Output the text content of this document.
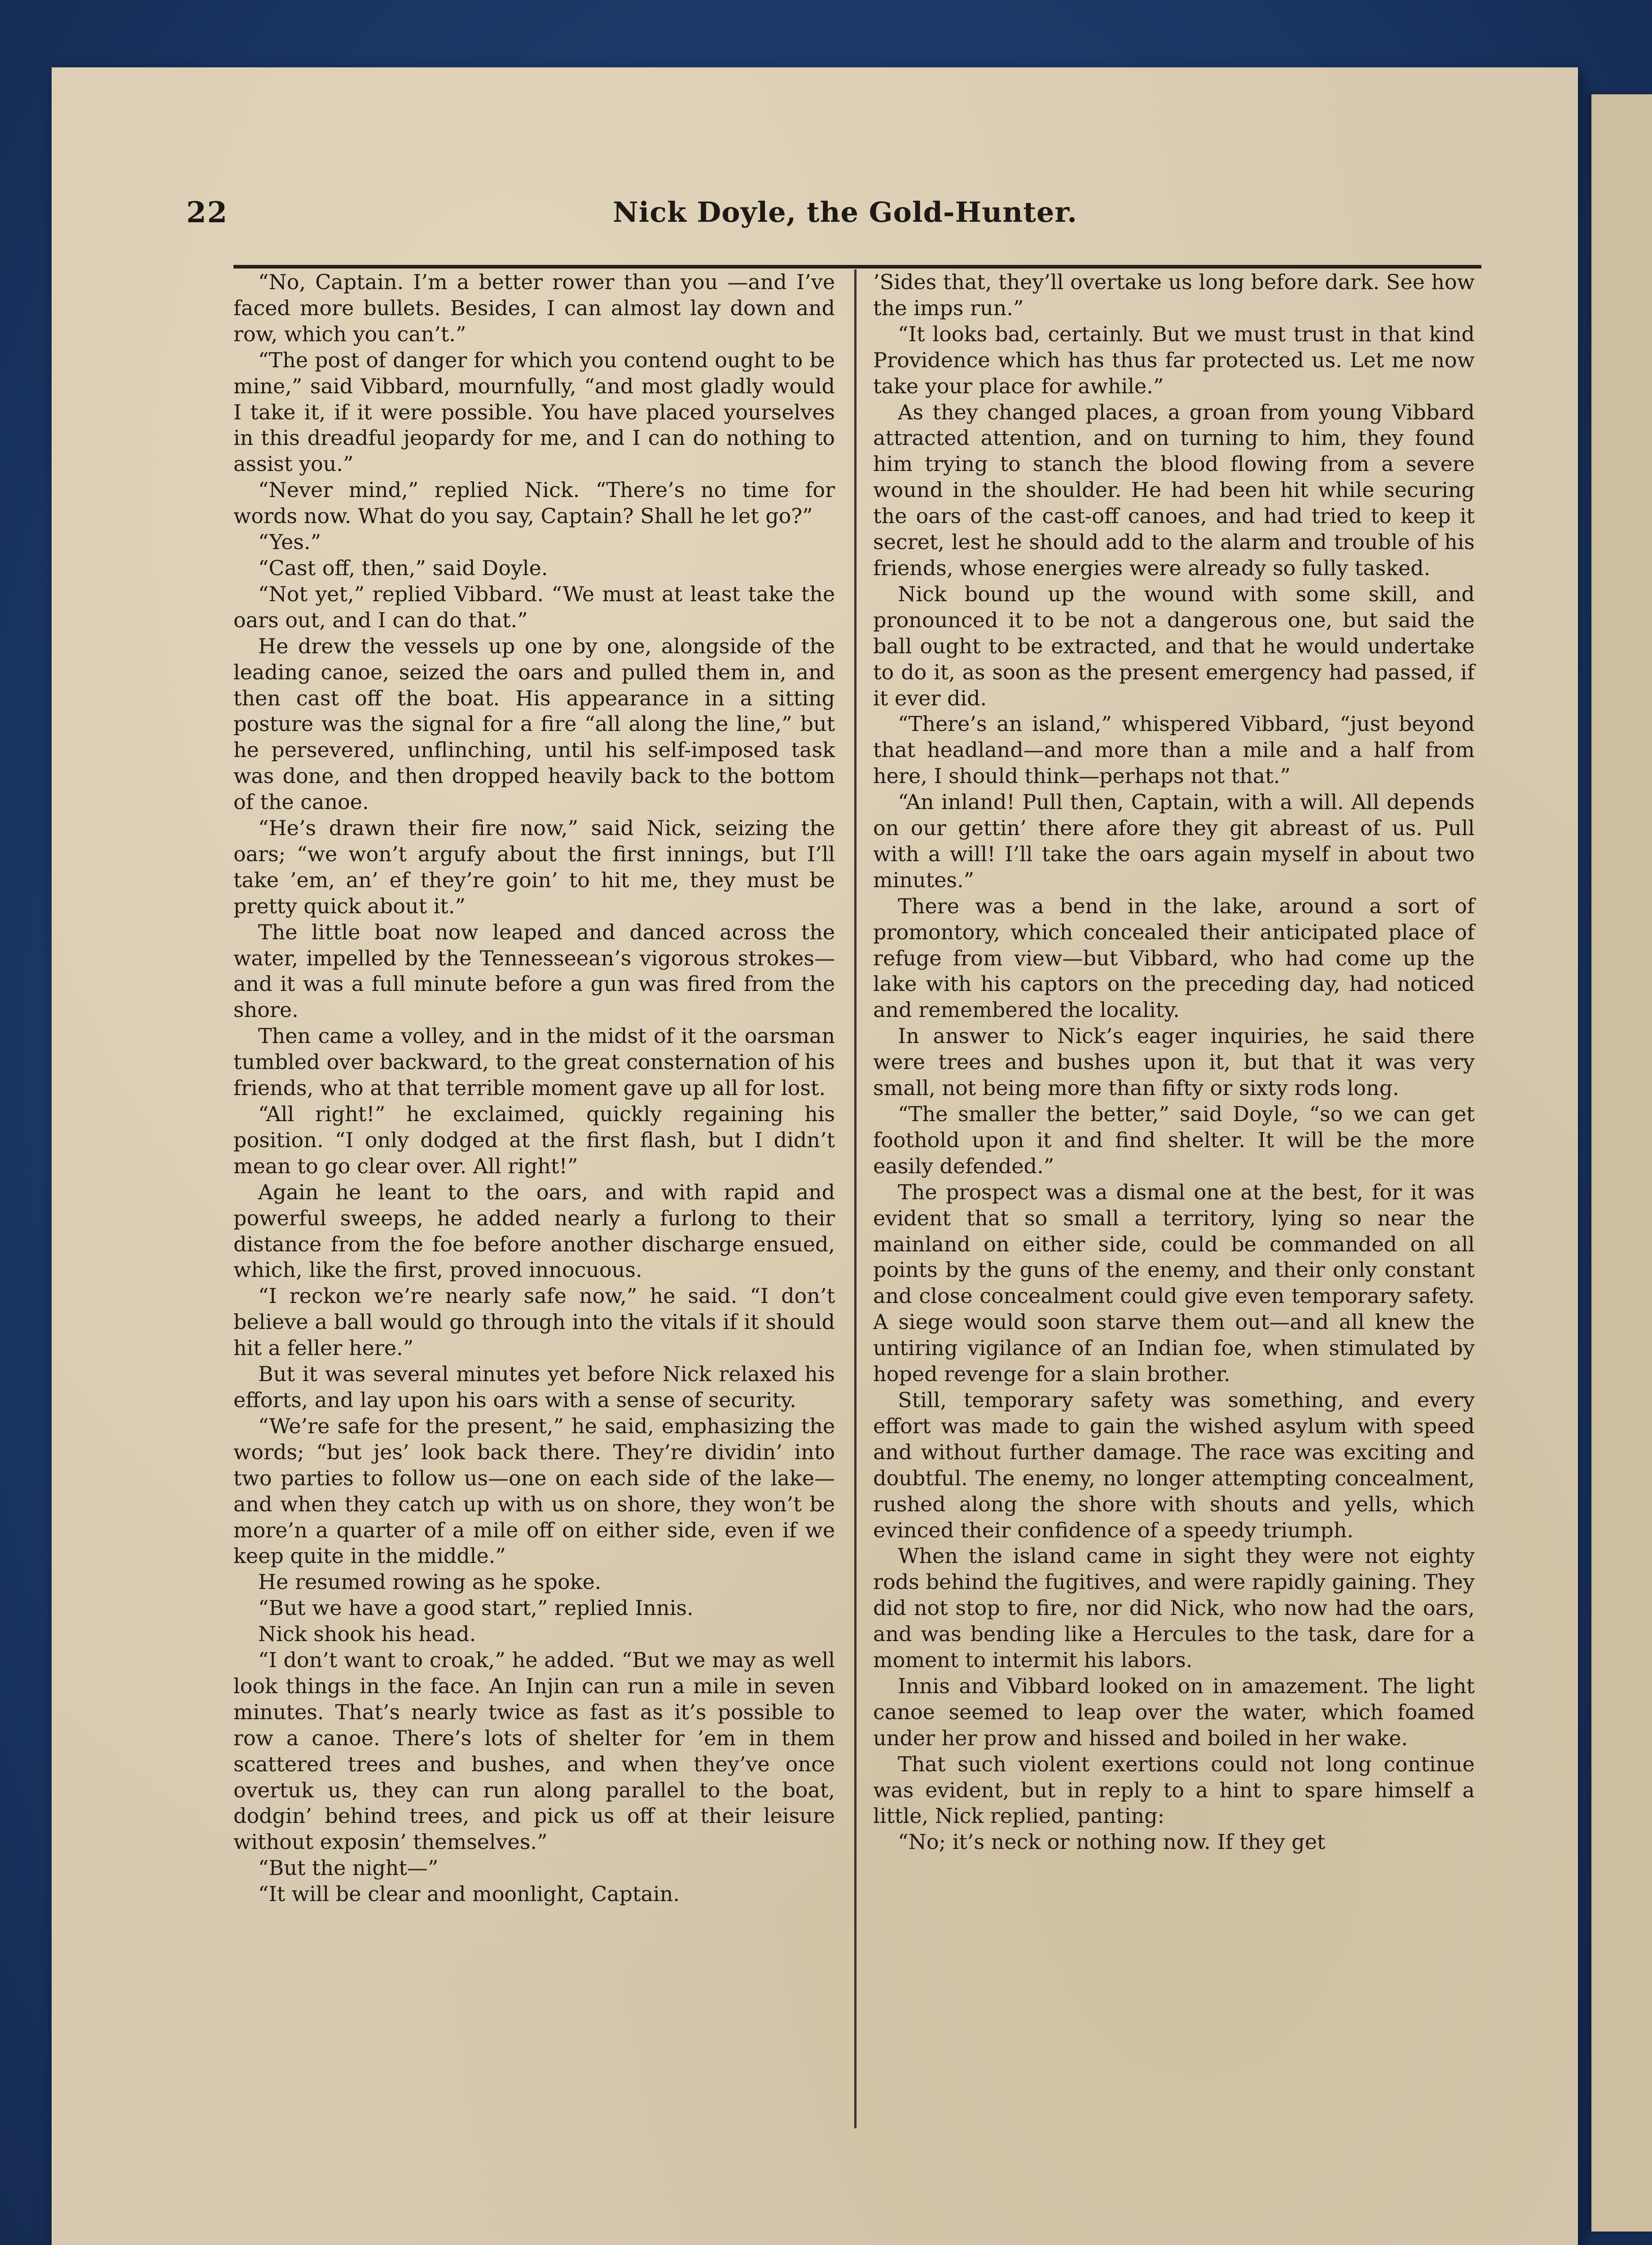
22	Nick Doyle, the Gold-Hunter.

“No, Captain. I’m a better rower than you —and I’ve faced more bullets. Besides, I can almost lay down and row, which you can’t.”

“The post of danger for which you contend ought to be mine,” said Vibbard, mournfully, “and most gladly would I take it, if it were possible. You have placed yourselves in this dreadful jeopardy for me, and I can do nothing to assist you.”

“Never mind,” replied Nick. “There’s no time for words now. What do you say, Captain? Shall he let go?”

“Yes.”

“Cast off, then,” said Doyle.

“Not yet,” replied Vibbard. “We must at least take the oars out, and I can do that.”

He drew the vessels up one by one, alongside of the leading canoe, seized the oars and pulled them in, and then cast off the boat. His appearance in a sitting posture was the signal for a fire “all along the line,” but he persevered, unflinching, until his self-imposed task was done, and then dropped heavily back to the bottom of the canoe.

“He’s drawn their fire now,” said Nick, seizing the oars; “we won’t argufy about the first innings, but I’ll take ’em, an’ ef they’re goin’ to hit me, they must be pretty quick about it.”

The little boat now leaped and danced across the water, impelled by the Tennesseean’s vigorous strokes—and it was a full minute before a gun was fired from the shore.

Then came a volley, and in the midst of it the oarsman tumbled over backward, to the great consternation of his friends, who at that terrible moment gave up all for lost.

“All right!” he exclaimed, quickly regaining his position. “I only dodged at the first flash, but I didn’t mean to go clear over. All right!”

Again he leant to the oars, and with rapid and powerful sweeps, he added nearly a furlong to their distance from the foe before another discharge ensued, which, like the first, proved innocuous.

“I reckon we’re nearly safe now,” he said. “I don’t believe a ball would go through into the vitals if it should hit a feller here.”

But it was several minutes yet before Nick relaxed his efforts, and lay upon his oars with a sense of security.

“We’re safe for the present,” he said, emphasizing the words; “but jes’ look back there. They’re dividin’ into two parties to follow us—one on each side of the lake—and when they catch up with us on shore, they won’t be more’n a quarter of a mile off on either side, even if we keep quite in the middle.”

He resumed rowing as he spoke.

“But we have a good start,” replied Innis.

Nick shook his head.

“I don’t want to croak,” he added. “But we may as well look things in the face. An Injin can run a mile in seven minutes. That’s nearly twice as fast as it’s possible to row a canoe. There’s lots of shelter for ’em in them scattered trees and bushes, and when they’ve once overtuk us, they can run along parallel to the boat, dodgin’ behind trees, and pick us off at their leisure without exposin’ themselves.”

“But the night—”

“It will be clear and moonlight, Captain.

’Sides that, they’ll overtake us long before dark. See how the imps run.”

“It looks bad, certainly. But we must trust in that kind Providence which has thus far protected us. Let me now take your place for awhile.”

As they changed places, a groan from young Vibbard attracted attention, and on turning to him, they found him trying to stanch the blood flowing from a severe wound in the shoulder. He had been hit while securing the oars of the cast-off canoes, and had tried to keep it secret, lest he should add to the alarm and trouble of his friends, whose energies were already so fully tasked.

Nick bound up the wound with some skill, and pronounced it to be not a dangerous one, but said the ball ought to be extracted, and that he would undertake to do it, as soon as the present emergency had passed, if it ever did.

“There’s an island,” whispered Vibbard, “just beyond that headland—and more than a mile and a half from here, I should think—perhaps not that.”

“An inland! Pull then, Captain, with a will. All depends on our gettin’ there afore they git abreast of us. Pull with a will! I’ll take the oars again myself in about two minutes.”

There was a bend in the lake, around a sort of promontory, which concealed their anticipated place of refuge from view—but Vibbard, who had come up the lake with his captors on the preceding day, had noticed and remembered the locality.

In answer to Nick’s eager inquiries, he said there were trees and bushes upon it, but that it was very small, not being more than fifty or sixty rods long.

“The smaller the better,” said Doyle, “so we can get foothold upon it and find shelter. It will be the more easily defended.”

The prospect was a dismal one at the best, for it was evident that so small a territory, lying so near the mainland on either side, could be commanded on all points by the guns of the enemy, and their only constant and close concealment could give even temporary safety. A siege would soon starve them out—and all knew the untiring vigilance of an Indian foe, when stimulated by hoped revenge for a slain brother.

Still, temporary safety was something, and every effort was made to gain the wished asylum with speed and without further damage. The race was exciting and doubtful. The enemy, no longer attempting concealment, rushed along the shore with shouts and yells, which evinced their confidence of a speedy triumph.

When the island came in sight they were not eighty rods behind the fugitives, and were rapidly gaining. They did not stop to fire, nor did Nick, who now had the oars, and was bending like a Hercules to the task, dare for a moment to intermit his labors.

Innis and Vibbard looked on in amazement. The light canoe seemed to leap over the water, which foamed under her prow and hissed and boiled in her wake.

That such violent exertions could not long continue was evident, but in reply to a hint to spare himself a little, Nick replied, panting:

“No; it’s neck or nothing now. If they get
